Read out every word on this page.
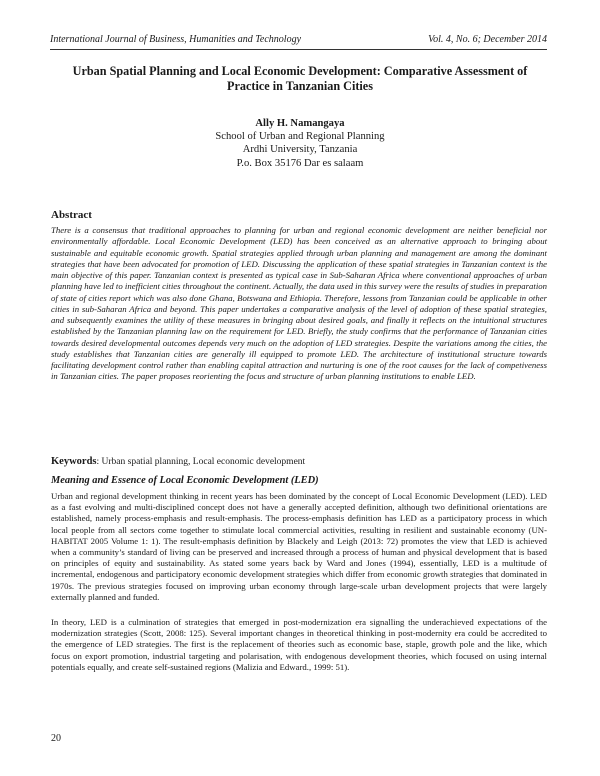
International Journal of Business, Humanities and Technology	Vol. 4, No. 6; December 2014
Urban Spatial Planning and Local Economic Development: Comparative Assessment of Practice in Tanzanian Cities
Ally H. Namangaya
School of Urban and Regional Planning
Ardhi University, Tanzania
P.o. Box 35176 Dar es salaam
Abstract

There is a consensus that traditional approaches to planning for urban and regional economic development are neither beneficial nor environmentally affordable. Local Economic Development (LED) has been conceived as an alternative approach to bringing about sustainable and equitable economic growth. Spatial strategies applied through urban planning and management are among the dominant strategies that have been advocated for promotion of LED. Discussing the application of these spatial strategies in Tanzanian context is the main objective of this paper. Tanzanian context is presented as typical case in Sub-Saharan Africa where conventional approaches of urban planning have led to inefficient cities throughout the continent. Actually, the data used in this survey were the results of studies in preparation of state of cities report which was also done Ghana, Botswana and Ethiopia. Therefore, lessons from Tanzanian could be applicable in other cities in sub-Saharan Africa and beyond. This paper undertakes a comparative analysis of the level of adoption of these spatial strategies, and subsequently examines the utility of these measures in bringing about desired goals, and finally it reflects on the intuitional structures established by the Tanzanian planning law on the requirement for LED. Briefly, the study confirms that the performance of Tanzanian cities towards desired developmental outcomes depends very much on the adoption of LED strategies. Despite the variations among the cities, the study establishes that Tanzanian cities are generally ill equipped to promote LED. The architecture of institutional structure towards facilitating development control rather than enabling capital attraction and nurturing is one of the root causes for the lack of competiveness in Tanzanian cities. The paper proposes reorienting the focus and structure of urban planning institutions to enable LED.

Keywords: Urban spatial planning, Local economic development

Meaning and Essence of Local Economic Development (LED)

Urban and regional development thinking in recent years has been dominated by the concept of Local Economic Development (LED). LED as a fast evolving and multi-disciplined concept does not have a generally accepted definition, although two definitional orientations are established, namely process-emphasis and result-emphasis. The process-emphasis definition has LED as a participatory process in which local people from all sectors come together to stimulate local commercial activities, resulting in resilient and sustainable economy (UN-HABITAT 2005 Volume 1: 1). The result-emphasis definition by Blackely and Leigh (2013: 72) promotes the view that LED is achieved when a community’s standard of living can be preserved and increased through a process of human and physical development that is based on principles of equity and sustainability. As stated some years back by Ward and Jones (1994), essentially, LED is a multitude of incremental, endogenous and participatory economic development strategies which differ from economic growth strategies that dominated in 1970s. The previous strategies focused on improving urban economy through large-scale urban development projects that were largely externally planned and funded.

In theory, LED is a culmination of strategies that emerged in post-modernization era signalling the underachieved expectations of the modernization strategies (Scott, 2008: 125). Several important changes in theoretical thinking in post-modernity era could be accredited to the emergence of LED strategies. The first is the replacement of theories such as economic base, staple, growth pole and the like, which focus on export promotion, industrial targeting and polarisation, with endogenous development theories, which focused on using internal potentials equally, and create self-sustained regions (Malizia and Edward., 1999: 51).

20
